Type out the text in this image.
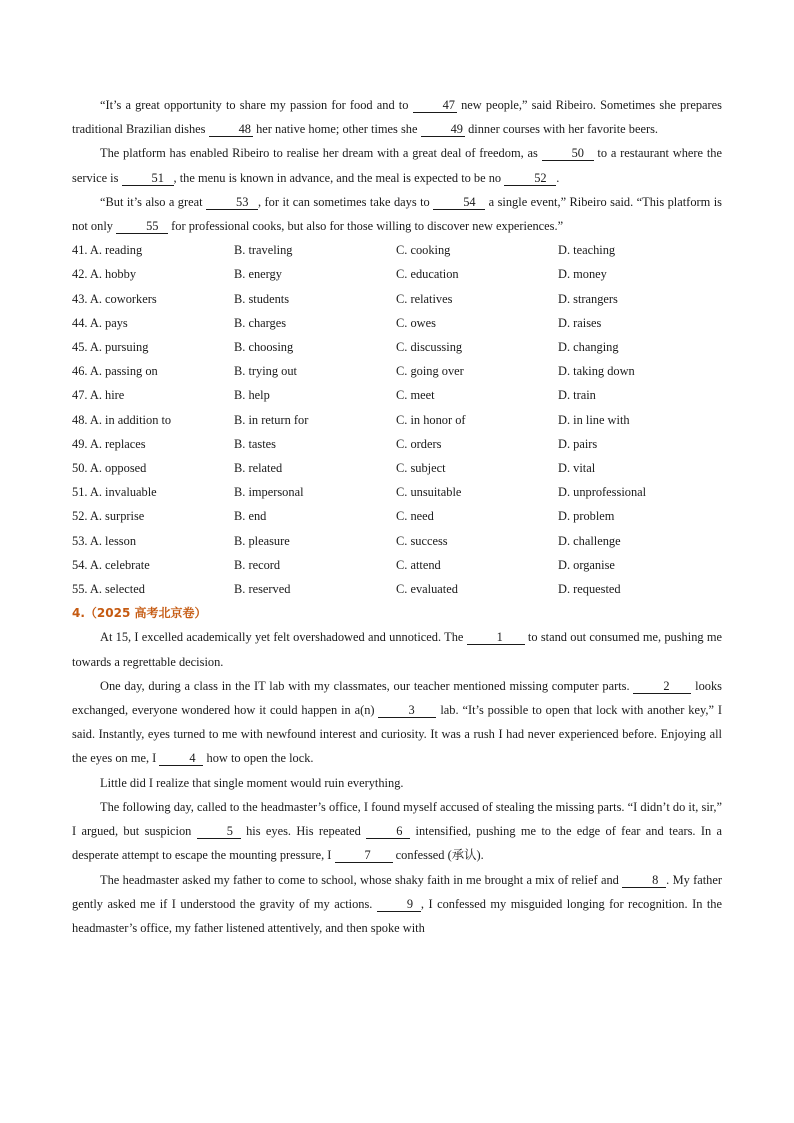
“It’s a great opportunity to share my passion for food and to 47 new people,” said Ribeiro. Sometimes she prepares traditional Brazilian dishes 48 her native home; other times she 49 dinner courses with her favorite beers.

The platform has enabled Ribeiro to realise her dream with a great deal of freedom, as 50 to a restaurant where the service is 51 , the menu is known in advance, and the meal is expected to be no 52 .

“But it’s also a great 53 , for it can sometimes take days to 54 a single event,” Ribeiro said. “This platform is not only 55 for professional cooks, but also for those willing to discover new experiences.”

41. A. reading	B. traveling	C. cooking	D. teaching
42. A. hobby	B. energy	C. education	D. money
43. A. coworkers	B. students	C. relatives	D. strangers
44. A. pays	B. charges	C. owes	D. raises
45. A. pursuing	B. choosing	C. discussing	D. changing
46. A. passing on	B. trying out	C. going over	D. taking down
47. A. hire	B. help	C. meet	D. train
48. A. in addition to	B. in return for	C. in honor of	D. in line with
49. A. replaces	B. tastes	C. orders	D. pairs
50. A. opposed	B. related	C. subject	D. vital
51. A. invaluable	B. impersonal	C. unsuitable	D. unprofessional
52. A. surprise	B. end	C. need	D. problem
53. A. lesson	B. pleasure	C. success	D. challenge
54. A. celebrate	B. record	C. attend	D. organise
55. A. selected	B. reserved	C. evaluated	D. requested

4.（2025 高考北京卷）

At 15, I excelled academically yet felt overshadowed and unnoticed. The 1 to stand out consumed me, pushing me towards a regrettable decision.

One day, during a class in the IT lab with my classmates, our teacher mentioned missing computer parts. 2 looks exchanged, everyone wondered how it could happen in a(n) 3 lab. “It’s possible to open that lock with another key,” I said. Instantly, eyes turned to me with newfound interest and curiosity. It was a rush I had never experienced before. Enjoying all the eyes on me, I 4 how to open the lock.

Little did I realize that single moment would ruin everything.

The following day, called to the headmaster’s office, I found myself accused of stealing the missing parts. “I didn’t do it, sir,” I argued, but suspicion 5 his eyes. His repeated 6 intensified, pushing me to the edge of fear and tears. In a desperate attempt to escape the mounting pressure, I 7 confessed (承认).

The headmaster asked my father to come to school, whose shaky faith in me brought a mix of relief and 8 . My father gently asked me if I understood the gravity of my actions. 9 , I confessed my misguided longing for recognition. In the headmaster’s office, my father listened attentively, and then spoke with
